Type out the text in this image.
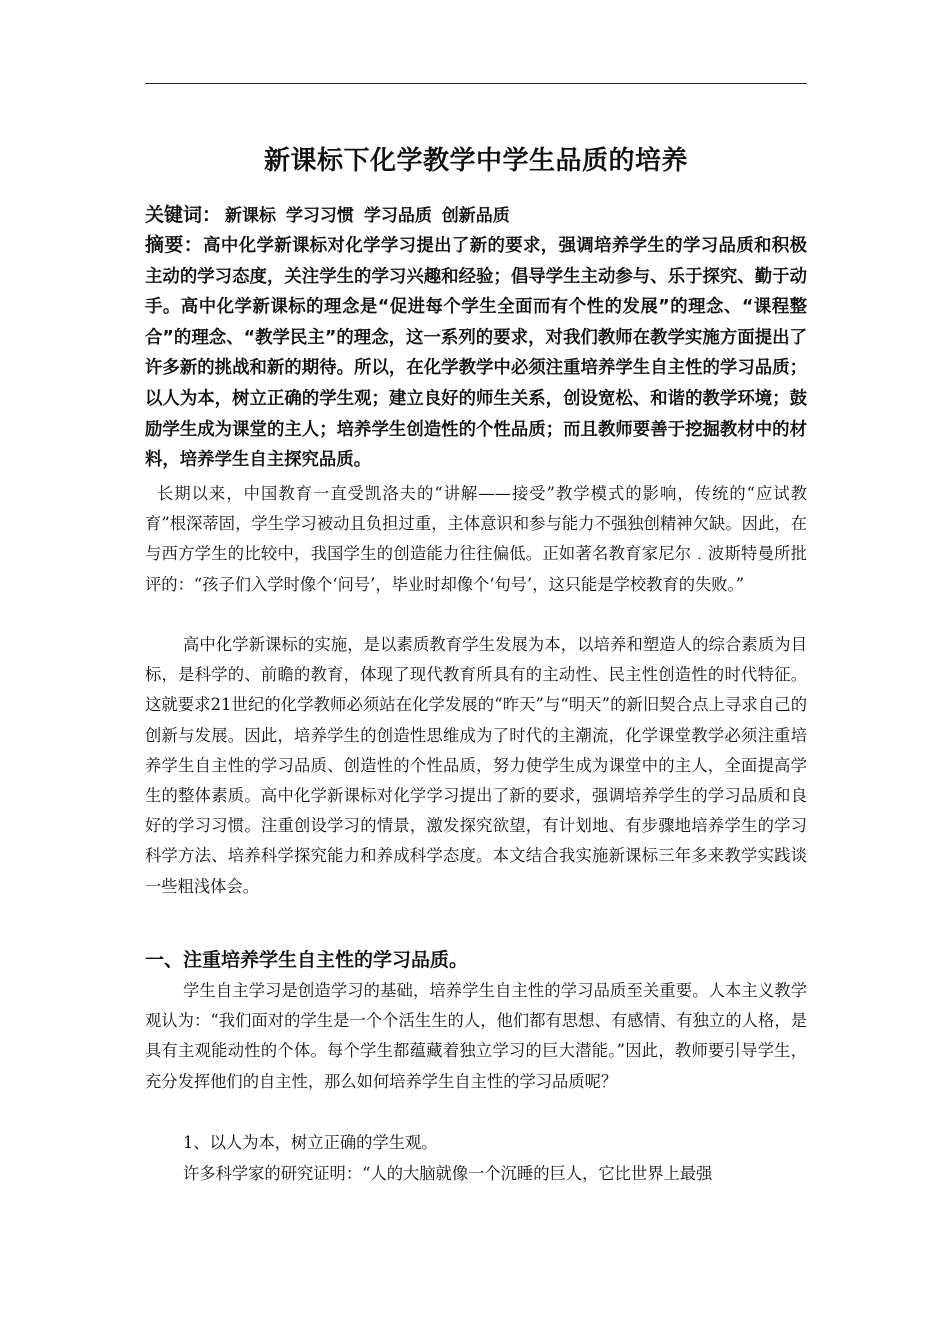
新课标下化学教学中学生品质的培养
关键词： 新课标 学习习惯 学习品质 创新品质
摘要：高中化学新课标对化学学习提出了新的要求，强调培养学生的学习品质和积极主动的学习态度，关注学生的学习兴趣和经验；倡导学生主动参与、乐于探究、勤于动手。高中化学新课标的理念是“促进每个学生全面而有个性的发展”的理念、“课程整合”的理念、“教学民主”的理念，这一系列的要求，对我们教师在教学实施方面提出了许多新的挑战和新的期待。所以，在化学教学中必须注重培养学生自主性的学习品质；以人为本，树立正确的学生观；建立良好的师生关系，创设宽松、和谐的教学环境；鼓励学生成为课堂的主人；培养学生创造性的个性品质；而且教师要善于挖掘教材中的材料，培养学生自主探究品质。
长期以来，中国教育一直受凯洛夫的“讲解——接受”教学模式的影响，传统的“应试教育”根深蒂固，学生学习被动且负担过重，主体意识和参与能力不强独创精神欠缺。因此，在与西方学生的比较中，我国学生的创造能力往往偏低。正如著名教育家尼尔﹒波斯特曼所批评的：“孩子们入学时像个‘问号’，毕业时却像个‘句号’，这只能是学校教育的失败。”
高中化学新课标的实施，是以素质教育学生发展为本，以培养和塑造人的综合素质为目标，是科学的、前瞻的教育，体现了现代教育所具有的主动性、民主性创造性的时代特征。这就要求21世纪的化学教师必须站在化学发展的“昨天”与“明天”的新旧契合点上寻求自己的创新与发展。因此，培养学生的创造性思维成为了时代的主潮流，化学课堂教学必须注重培养学生自主性的学习品质、创造性的个性品质，努力使学生成为课堂中的主人，全面提高学生的整体素质。高中化学新课标对化学学习提出了新的要求，强调培养学生的学习品质和良好的学习习惯。注重创设学习的情景，激发探究欲望，有计划地、有步骤地培养学生的学习科学方法、培养科学探究能力和养成科学态度。本文结合我实施新课标三年多来教学实践谈一些粗浅体会。
一、注重培养学生自主性的学习品质。
学生自主学习是创造学习的基础，培养学生自主性的学习品质至关重要。人本主义教学观认为：“我们面对的学生是一个个活生生的人，他们都有思想、有感情、有独立的人格，是具有主观能动性的个体。每个学生都蕴藏着独立学习的巨大潜能。”因此，教师要引导学生，充分发挥他们的自主性，那么如何培养学生自主性的学习品质呢？
1、以人为本，树立正确的学生观。
许多科学家的研究证明：“人的大脑就像一个沉睡的巨人，它比世界上最强
